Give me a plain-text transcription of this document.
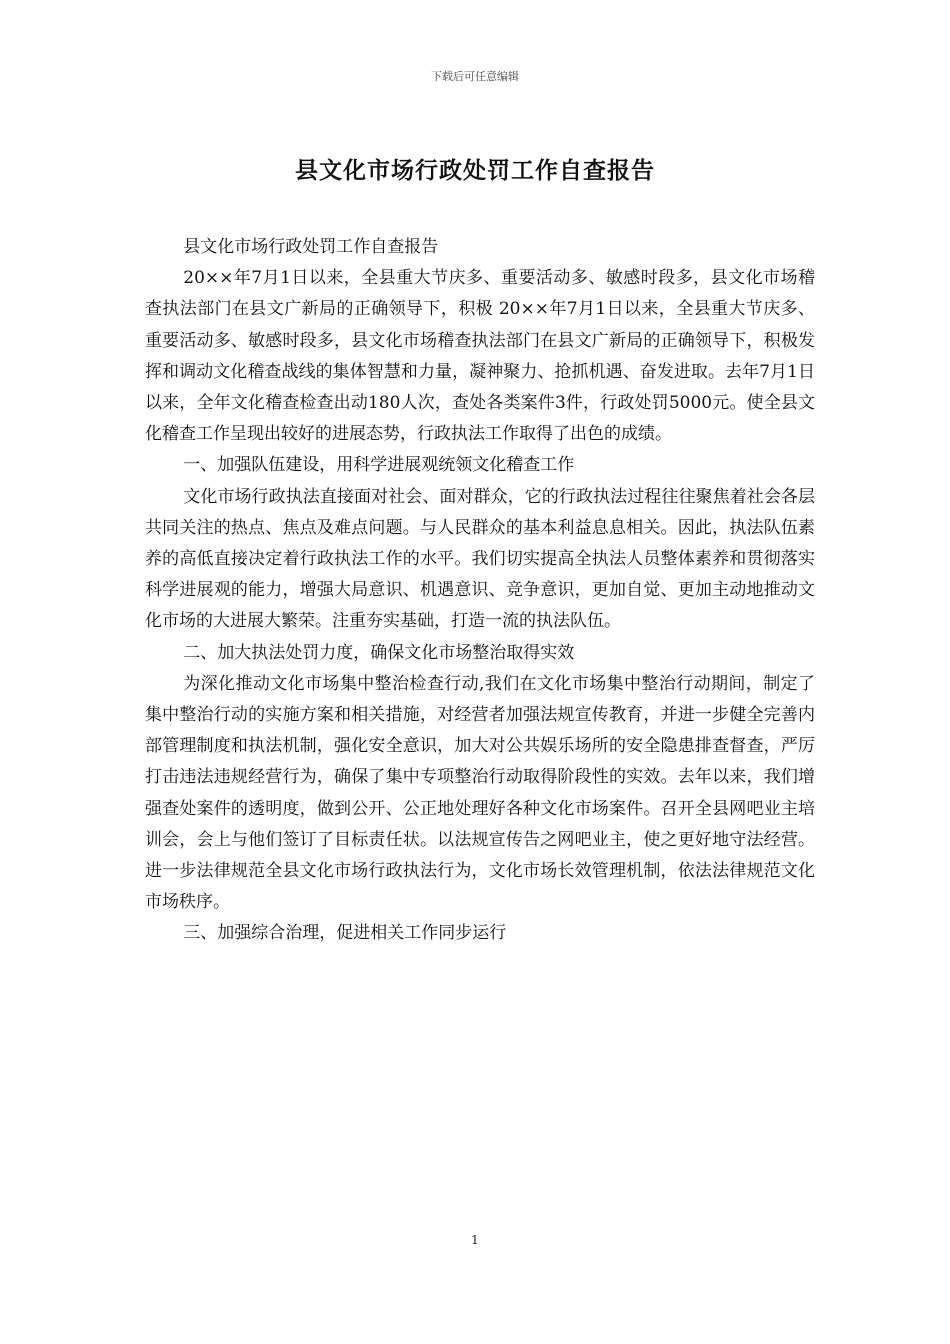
下载后可任意编辑
县文化市场行政处罚工作自查报告

县文化市场行政处罚工作自查报告

20××年7月1日以来，全县重大节庆多、重要活动多、敏感时段多，县文化市场稽查执法部门在县文广新局的正确领导下，积极 20××年7月1日以来，全县重大节庆多、重要活动多、敏感时段多，县文化市场稽查执法部门在县文广新局的正确领导下，积极发挥和调动文化稽查战线的集体智慧和力量，凝神聚力、抢抓机遇、奋发进取。去年7月1日以来，全年文化稽查检查出动180人次，查处各类案件3件，行政处罚5000元。使全县文化稽查工作呈现出较好的进展态势，行政执法工作取得了出色的成绩。

一、加强队伍建设，用科学进展观统领文化稽查工作

文化市场行政执法直接面对社会、面对群众，它的行政执法过程往往聚焦着社会各层共同关注的热点、焦点及难点问题。与人民群众的基本利益息息相关。因此，执法队伍素养的高低直接决定着行政执法工作的水平。我们切实提高全执法人员整体素养和贯彻落实科学进展观的能力，增强大局意识、机遇意识、竞争意识，更加自觉、更加主动地推动文化市场的大进展大繁荣。注重夯实基础，打造一流的执法队伍。

二、加大执法处罚力度，确保文化市场整治取得实效

为深化推动文化市场集中整治检查行动,我们在文化市场集中整治行动期间，制定了集中整治行动的实施方案和相关措施，对经营者加强法规宣传教育，并进一步健全完善内部管理制度和执法机制，强化安全意识，加大对公共娱乐场所的安全隐患排查督查，严厉打击违法违规经营行为，确保了集中专项整治行动取得阶段性的实效。去年以来，我们增强查处案件的透明度，做到公开、公正地处理好各种文化市场案件。召开全县网吧业主培训会，会上与他们签订了目标责任状。以法规宣传告之网吧业主，使之更好地守法经营。进一步法律规范全县文化市场行政执法行为，文化市场长效管理机制，依法法律规范文化市场秩序。

三、加强综合治理，促进相关工作同步运行

1
